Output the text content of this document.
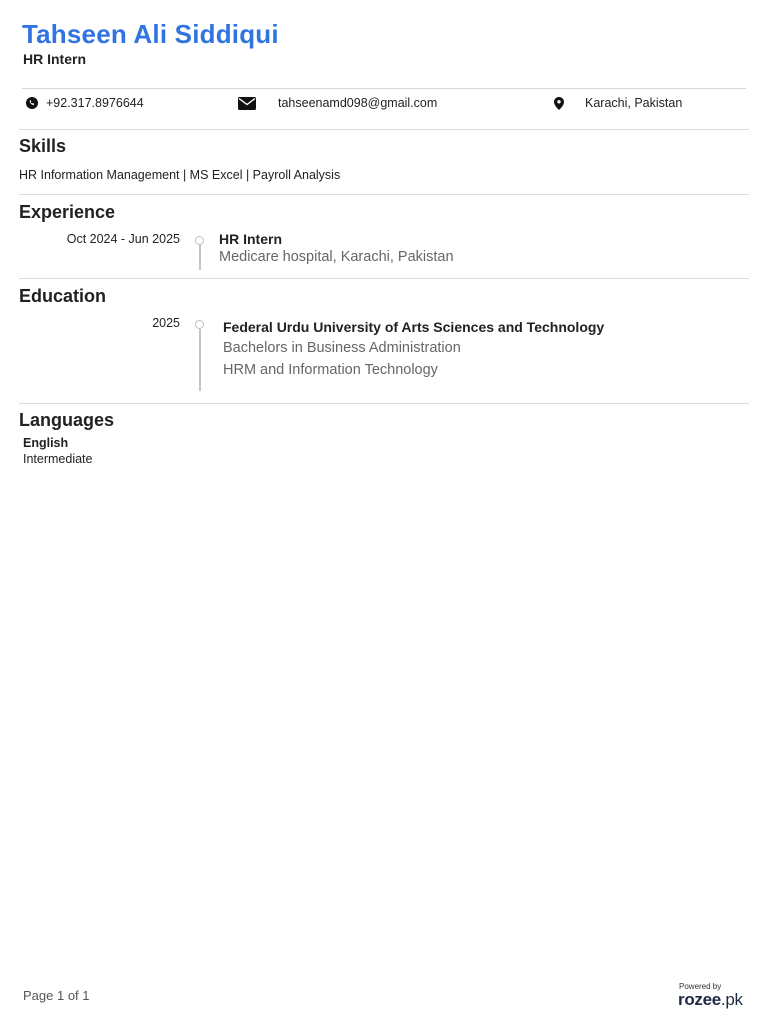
Tahseen Ali Siddiqui
HR Intern
+92.317.8976644	tahseenamd098@gmail.com	Karachi, Pakistan
Skills
HR Information Management | MS Excel | Payroll Analysis
Experience
Oct 2024 - Jun 2025	HR Intern
Medicare hospital, Karachi, Pakistan
Education
2025	Federal Urdu University of Arts Sciences and Technology
Bachelors in Business Administration
HRM and Information Technology
Languages
English
Intermediate
Page 1 of 1
Powered by
rozee.pk
